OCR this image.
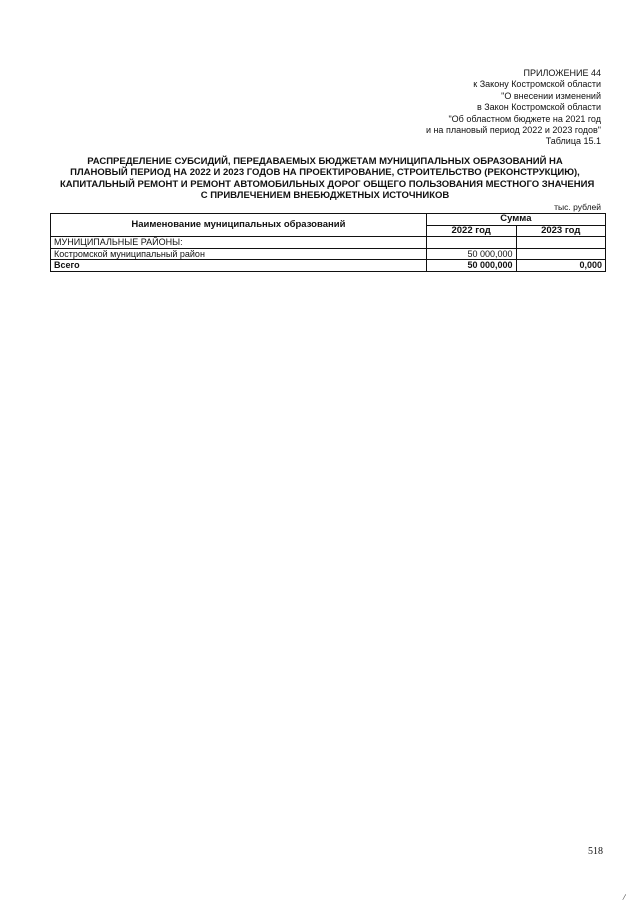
ПРИЛОЖЕНИЕ 44
к Закону Костромской области
"О внесении изменений
в Закон Костромской области
"Об областном бюджете на 2021 год
и на плановый период 2022 и 2023 годов"
Таблица 15.1
РАСПРЕДЕЛЕНИЕ СУБСИДИЙ, ПЕРЕДАВАЕМЫХ БЮДЖЕТАМ МУНИЦИПАЛЬНЫХ ОБРАЗОВАНИЙ НА
ПЛАНОВЫЙ ПЕРИОД НА 2022 И 2023 ГОДОВ НА ПРОЕКТИРОВАНИЕ, СТРОИТЕЛЬСТВО (РЕКОНСТРУКЦИЮ),
КАПИТАЛЬНЫЙ РЕМОНТ И РЕМОНТ АВТОМОБИЛЬНЫХ ДОРОГ ОБЩЕГО ПОЛЬЗОВАНИЯ МЕСТНОГО ЗНАЧЕНИЯ
С ПРИВЛЕЧЕНИЕМ ВНЕБЮДЖЕТНЫХ ИСТОЧНИКОВ
тыс. рублей
Наименование муниципальных образований	Сумма	
	2022 год	2023 год
МУНИЦИПАЛЬНЫЕ РАЙОНЫ:		
Костромской муниципальный район	50 000,000	
Всего	50 000,000	0,000
518
/
